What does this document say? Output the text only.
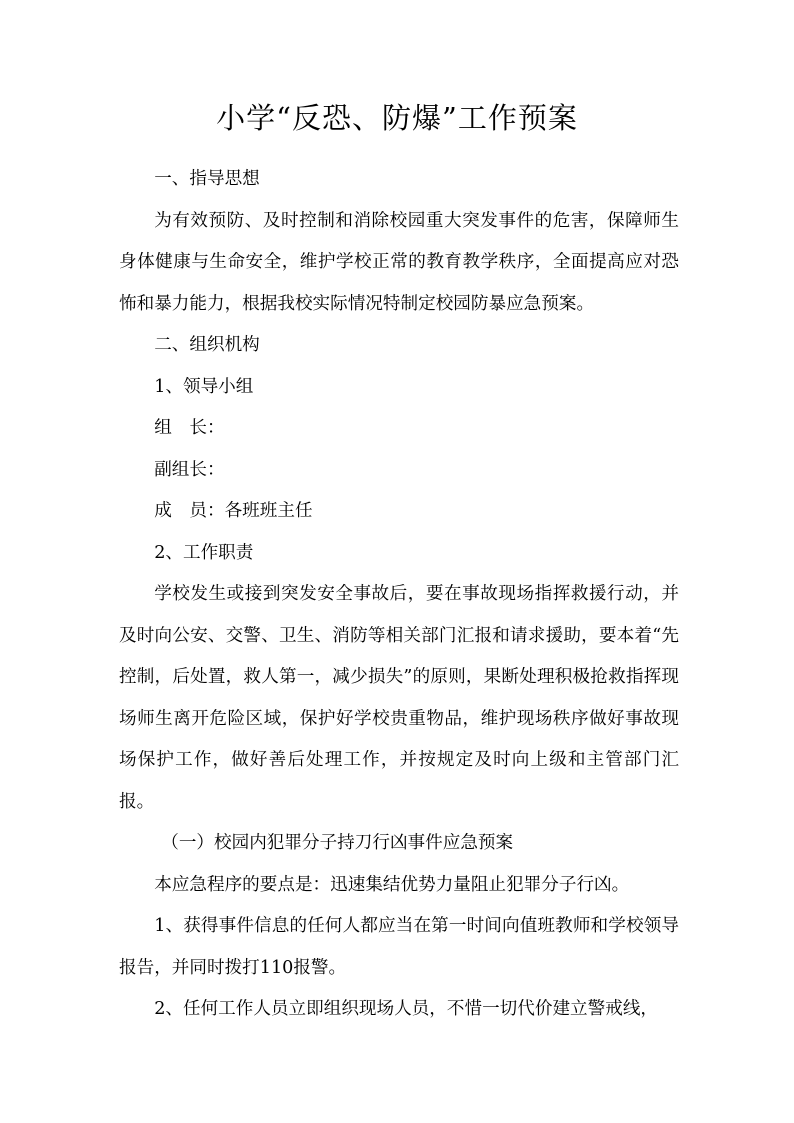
小学“反恐、防爆”工作预案

一、指导思想

为有效预防、及时控制和消除校园重大突发事件的危害，保障师生身体健康与生命安全，维护学校正常的教育教学秩序，全面提高应对恐怖和暴力能力，根据我校实际情况特制定校园防暴应急预案。

二、组织机构

1、领导小组

组　长：

副组长：

成　员：各班班主任

2、工作职责

学校发生或接到突发安全事故后，要在事故现场指挥救援行动，并及时向公安、交警、卫生、消防等相关部门汇报和请求援助，要本着“先控制，后处置，救人第一，减少损失”的原则，果断处理积极抢救指挥现场师生离开危险区域，保护好学校贵重物品，维护现场秩序做好事故现场保护工作，做好善后处理工作，并按规定及时向上级和主管部门汇报。

（一）校园内犯罪分子持刀行凶事件应急预案

本应急程序的要点是：迅速集结优势力量阻止犯罪分子行凶。

1、获得事件信息的任何人都应当在第一时间向值班教师和学校领导报告，并同时拨打110报警。

2、任何工作人员立即组织现场人员，不惜一切代价建立警戒线，
